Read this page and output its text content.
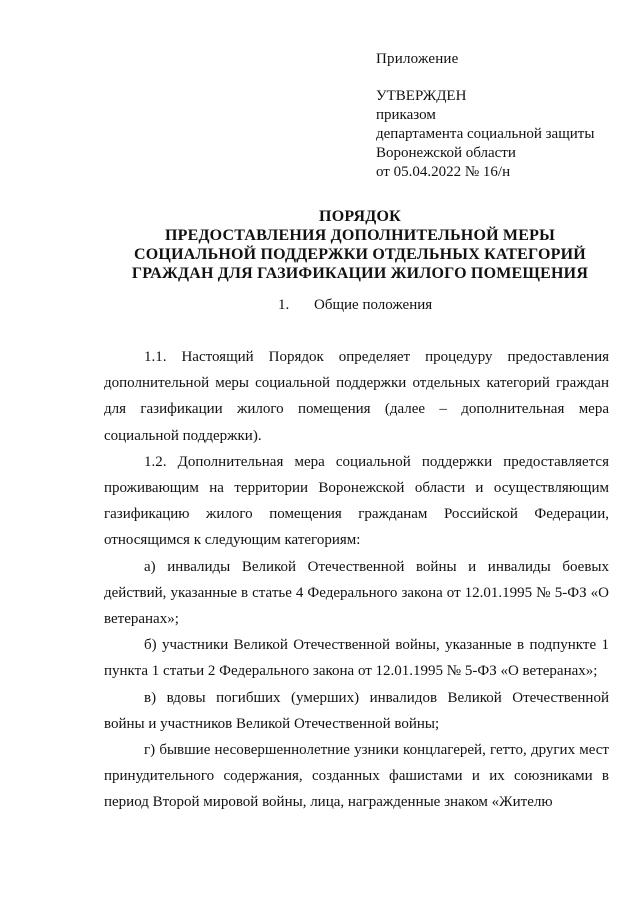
Приложение
УТВЕРЖДЕН
приказом
департамента социальной защиты
Воронежской области
от 05.04.2022 № 16/н
ПОРЯДОК
ПРЕДОСТАВЛЕНИЯ ДОПОЛНИТЕЛЬНОЙ МЕРЫ
СОЦИАЛЬНОЙ ПОДДЕРЖКИ ОТДЕЛЬНЫХ КАТЕГОРИЙ
ГРАЖДАН ДЛЯ ГАЗИФИКАЦИИ ЖИЛОГО ПОМЕЩЕНИЯ
1. Общие положения

1.1. Настоящий Порядок определяет процедуру предоставления дополнительной меры социальной поддержки отдельных категорий граждан для газификации жилого помещения (далее – дополнительная мера социальной поддержки).

1.2. Дополнительная мера социальной поддержки предоставляется проживающим на территории Воронежской области и осуществляющим газификацию жилого помещения гражданам Российской Федерации, относящимся к следующим категориям:

а) инвалиды Великой Отечественной войны и инвалиды боевых действий, указанные в статье 4 Федерального закона от 12.01.1995 № 5-ФЗ «О ветеранах»;

б) участники Великой Отечественной войны, указанные в подпункте 1 пункта 1 статьи 2 Федерального закона от 12.01.1995 № 5-ФЗ «О ветеранах»;

в) вдовы погибших (умерших) инвалидов Великой Отечественной войны и участников Великой Отечественной войны;

г) бывшие несовершеннолетние узники концлагерей, гетто, других мест принудительного содержания, созданных фашистами и их союзниками в период Второй мировой войны, лица, награжденные знаком «Жителю
